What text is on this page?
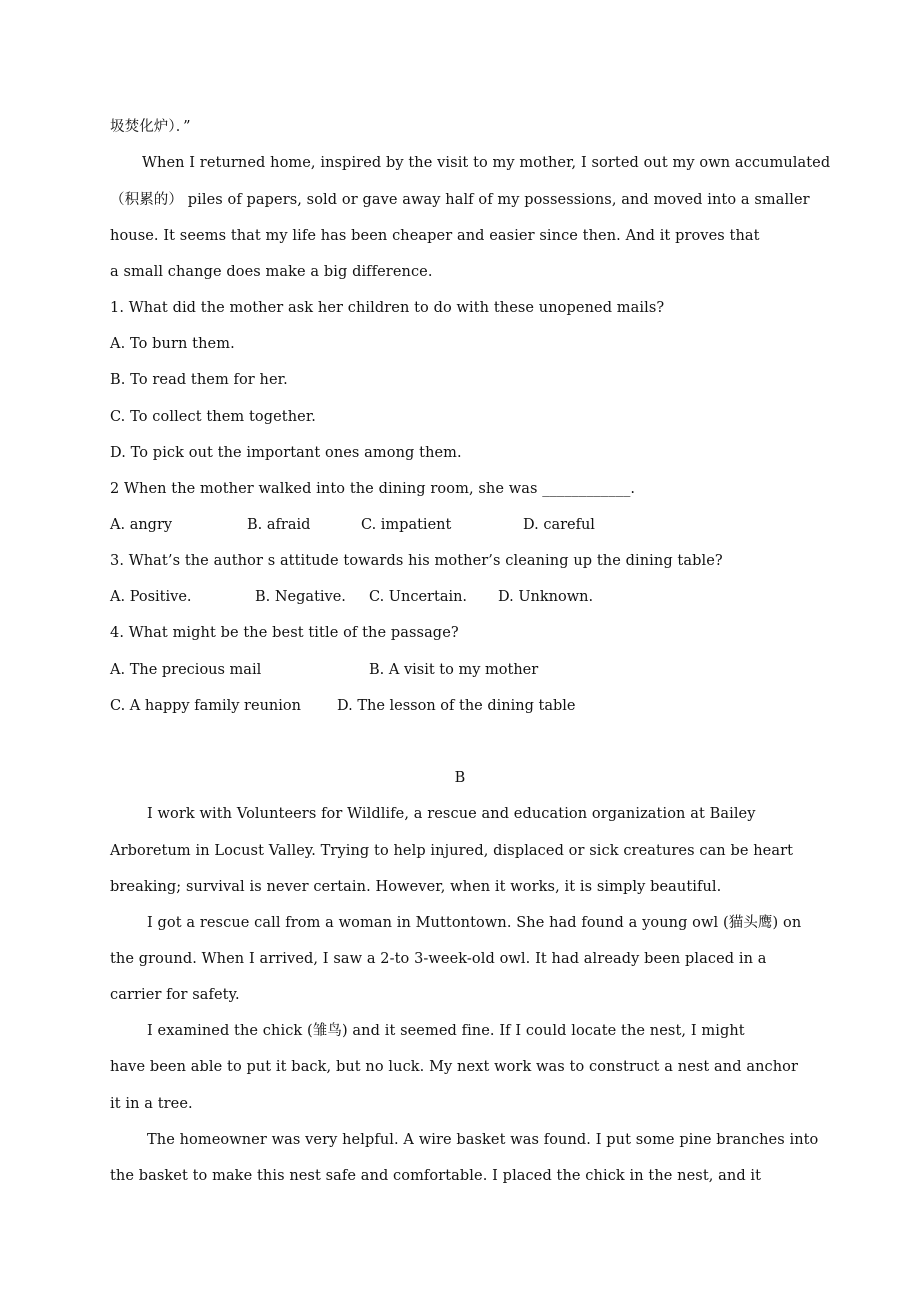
圾焚化炉）．”
When I returned home, inspired by the visit to my mother, I sorted out my own accumulated
（积累的） piles of papers, sold or gave away half of my possessions, and moved into a smaller
house. It seems that my life has been cheaper and easier since then. And it proves that
a small change does make a big difference.
1. What did the mother ask her children to do with these unopened mails?
A. To burn them.
B. To read them for her.
C. To collect them together.
D. To pick out the important ones among them.
2 When the mother walked into the dining room, she was ____________.
A. angry	B. afraid	C. impatient	D. careful
3. What’s the author s attitude towards his mother’s cleaning up the dining table?
A. Positive.	B. Negative. C. Uncertain. D. Unknown.
4. What might be the best title of the passage?
A. The precious mail	B. A visit to my mother
C. A happy family reunion D. The lesson of the dining table
B
I work with Volunteers for Wildlife, a rescue and education organization at Bailey
Arboretum in Locust Valley. Trying to help injured, displaced or sick creatures can be heart
breaking; survival is never certain. However, when it works, it is simply beautiful.
I got a rescue call from a woman in Muttontown. She had found a young owl (猫头鹰) on
the ground. When I arrived, I saw a 2-to 3-week-old owl. It had already been placed in a
carrier for safety.
I examined the chick (雏鸟) and it seemed fine. If I could locate the nest, I might
have been able to put it back, but no luck. My next work was to construct a nest and anchor
it in a tree.
The homeowner was very helpful. A wire basket was found. I put some pine branches into
the basket to make this nest safe and comfortable. I placed the chick in the nest, and it
